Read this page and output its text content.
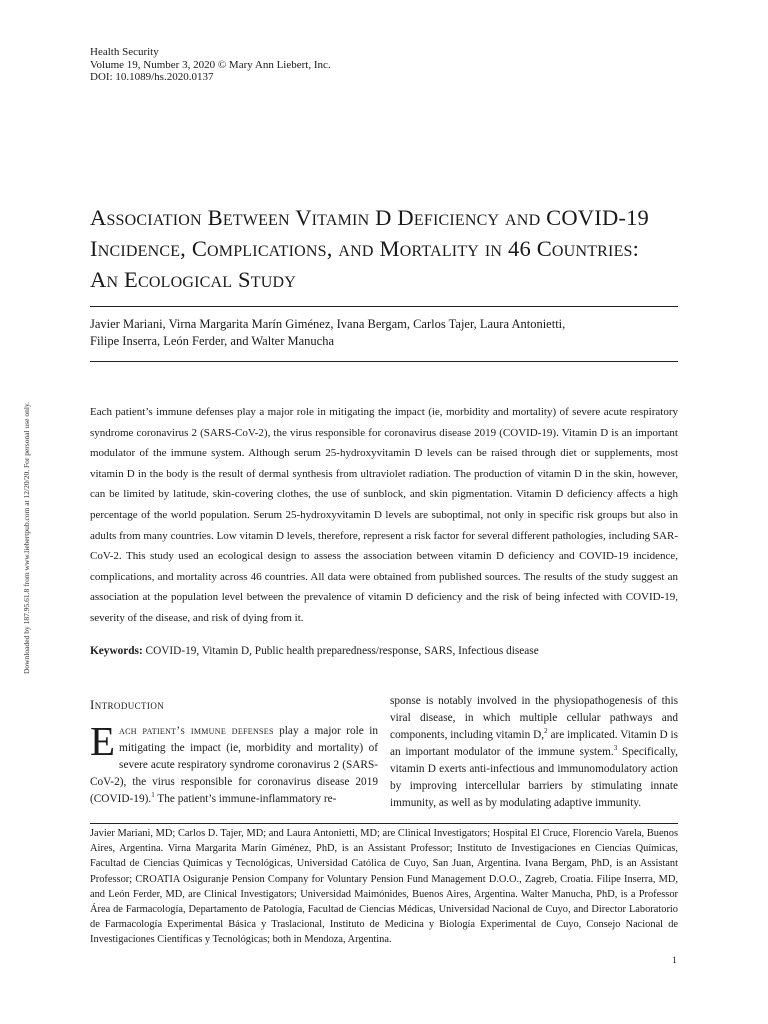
Health Security
Volume 19, Number 3, 2020 © Mary Ann Liebert, Inc.
DOI: 10.1089/hs.2020.0137
Downloaded by 187.95.61.8 from www.liebertpub.com at 12/20/20. For personal use only.
Association Between Vitamin D Deficiency and COVID-19
Incidence, Complications, and Mortality in 46 Countries:
An Ecological Study
Javier Mariani, Virna Margarita Marín Giménez, Ivana Bergam, Carlos Tajer, Laura Antonietti,
Filipe Inserra, León Ferder, and Walter Manucha

Each patient’s immune defenses play a major role in mitigating the impact (ie, morbidity and mortality) of severe acute respiratory syndrome coronavirus 2 (SARS-CoV-2), the virus responsible for coronavirus disease 2019 (COVID-19). Vitamin D is an important modulator of the immune system. Although serum 25-hydroxyvitamin D levels can be raised through diet or supplements, most vitamin D in the body is the result of dermal synthesis from ultraviolet radiation. The production of vitamin D in the skin, however, can be limited by latitude, skin-covering clothes, the use of sunblock, and skin pigmentation. Vitamin D deficiency affects a high percentage of the world population. Serum 25-hydroxyvitamin D levels are suboptimal, not only in specific risk groups but also in adults from many countries. Low vitamin D levels, therefore, represent a risk factor for several different pathologies, including SAR-CoV-2. This study used an ecological design to assess the association between vitamin D deficiency and COVID-19 incidence, complications, and mortality across 46 countries. All data were obtained from published sources. The results of the study suggest an association at the population level between the prevalence of vitamin D deficiency and the risk of being infected with COVID-19, severity of the disease, and risk of dying from it.

Keywords: COVID-19, Vitamin D, Public health preparedness/response, SARS, Infectious disease
Introduction
Each patient’s immune defenses play a major role in mitigating the impact (ie, morbidity and mortality) of severe acute respiratory syndrome coronavirus 2 (SARS-CoV-2), the virus responsible for coronavirus disease 2019 (COVID-19).$^1$ The patient’s immune-inflammatory re-
sponse is notably involved in the physiopathogenesis of this viral disease, in which multiple cellular pathways and components, including vitamin D,$^2$ are implicated. Vitamin D is an important modulator of the immune system.$^3$ Specifically, vitamin D exerts anti-infectious and immunomodulatory action by improving intercellular barriers by stimulating innate immunity, as well as by modulating adaptive immunity.
Javier Mariani, MD; Carlos D. Tajer, MD; and Laura Antonietti, MD; are Clinical Investigators; Hospital El Cruce, Florencio Varela, Buenos Aires, Argentina. Virna Margarita Marín Giménez, PhD, is an Assistant Professor; Instituto de Investigaciones en Ciencias Químicas, Facultad de Ciencias Químicas y Tecnológicas, Universidad Católica de Cuyo, San Juan, Argentina. Ivana Bergam, PhD, is an Assistant Professor; CROATIA Osiguranje Pension Company for Voluntary Pension Fund Management D.O.O., Zagreb, Croatia. Filipe Inserra, MD, and León Ferder, MD, are Clinical Investigators; Universidad Maimónides, Buenos Aires, Argentina. Walter Manucha, PhD, is a Professor Área de Farmacología, Departamento de Patología, Facultad de Ciencias Médicas, Universidad Nacional de Cuyo, and Director Laboratorio de Farmacología Experimental Básica y Traslacional, Instituto de Medicina y Biología Experimental de Cuyo, Consejo Nacional de Investigaciones Científicas y Tecnológicas; both in Mendoza, Argentina.
1
